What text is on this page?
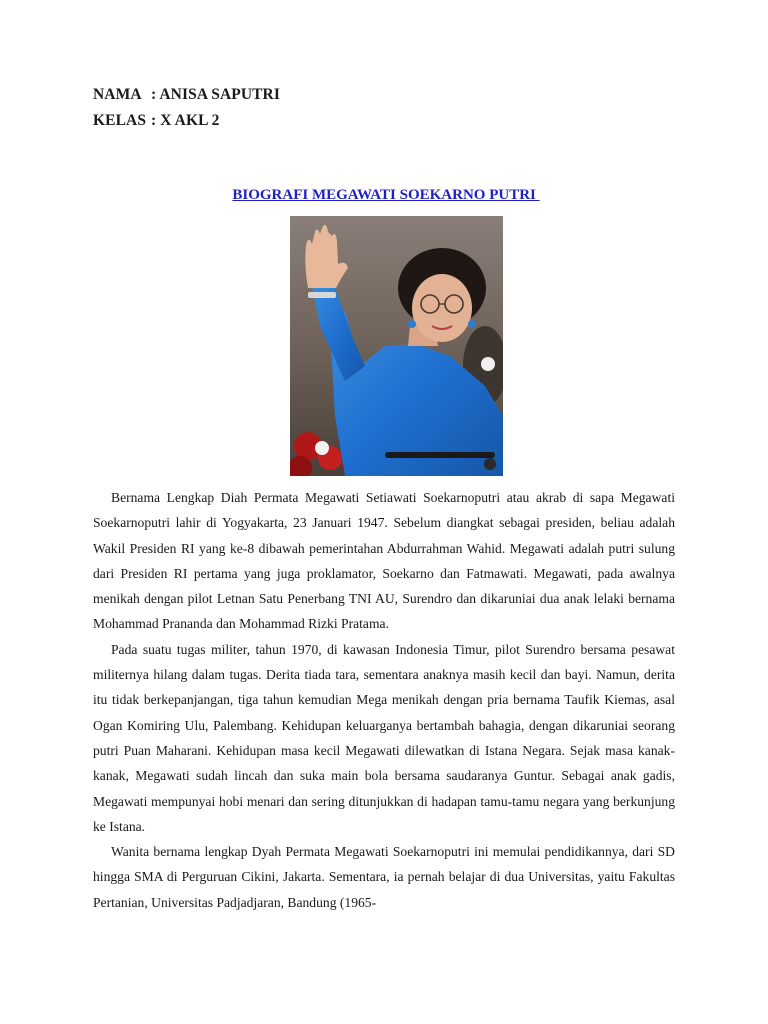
NAMA : ANISA SAPUTRI
KELAS : X AKL 2
BIOGRAFI MEGAWATI SOEKARNO PUTRI

Bernama Lengkap Diah Permata Megawati Setiawati Soekarnoputri atau akrab di sapa Megawati Soekarnoputri lahir di Yogyakarta, 23 Januari 1947. Sebelum diangkat sebagai presiden, beliau adalah Wakil Presiden RI yang ke-8 dibawah pemerintahan Abdurrahman Wahid. Megawati adalah putri sulung dari Presiden RI pertama yang juga proklamator, Soekarno dan Fatmawati. Megawati, pada awalnya menikah dengan pilot Letnan Satu Penerbang TNI AU, Surendro dan dikaruniai dua anak lelaki bernama Mohammad Prananda dan Mohammad Rizki Pratama.

Pada suatu tugas militer, tahun 1970, di kawasan Indonesia Timur, pilot Surendro bersama pesawat militernya hilang dalam tugas. Derita tiada tara, sementara anaknya masih kecil dan bayi. Namun, derita itu tidak berkepanjangan, tiga tahun kemudian Mega menikah dengan pria bernama Taufik Kiemas, asal Ogan Komiring Ulu, Palembang. Kehidupan keluarganya bertambah bahagia, dengan dikaruniai seorang putri Puan Maharani. Kehidupan masa kecil Megawati dilewatkan di Istana Negara. Sejak masa kanak-kanak, Megawati sudah lincah dan suka main bola bersama saudaranya Guntur. Sebagai anak gadis, Megawati mempunyai hobi menari dan sering ditunjukkan di hadapan tamu-tamu negara yang berkunjung ke Istana.

Wanita bernama lengkap Dyah Permata Megawati Soekarnoputri ini memulai pendidikannya, dari SD hingga SMA di Perguruan Cikini, Jakarta. Sementara, ia pernah belajar di dua Universitas, yaitu Fakultas Pertanian, Universitas Padjadjaran, Bandung (1965-
